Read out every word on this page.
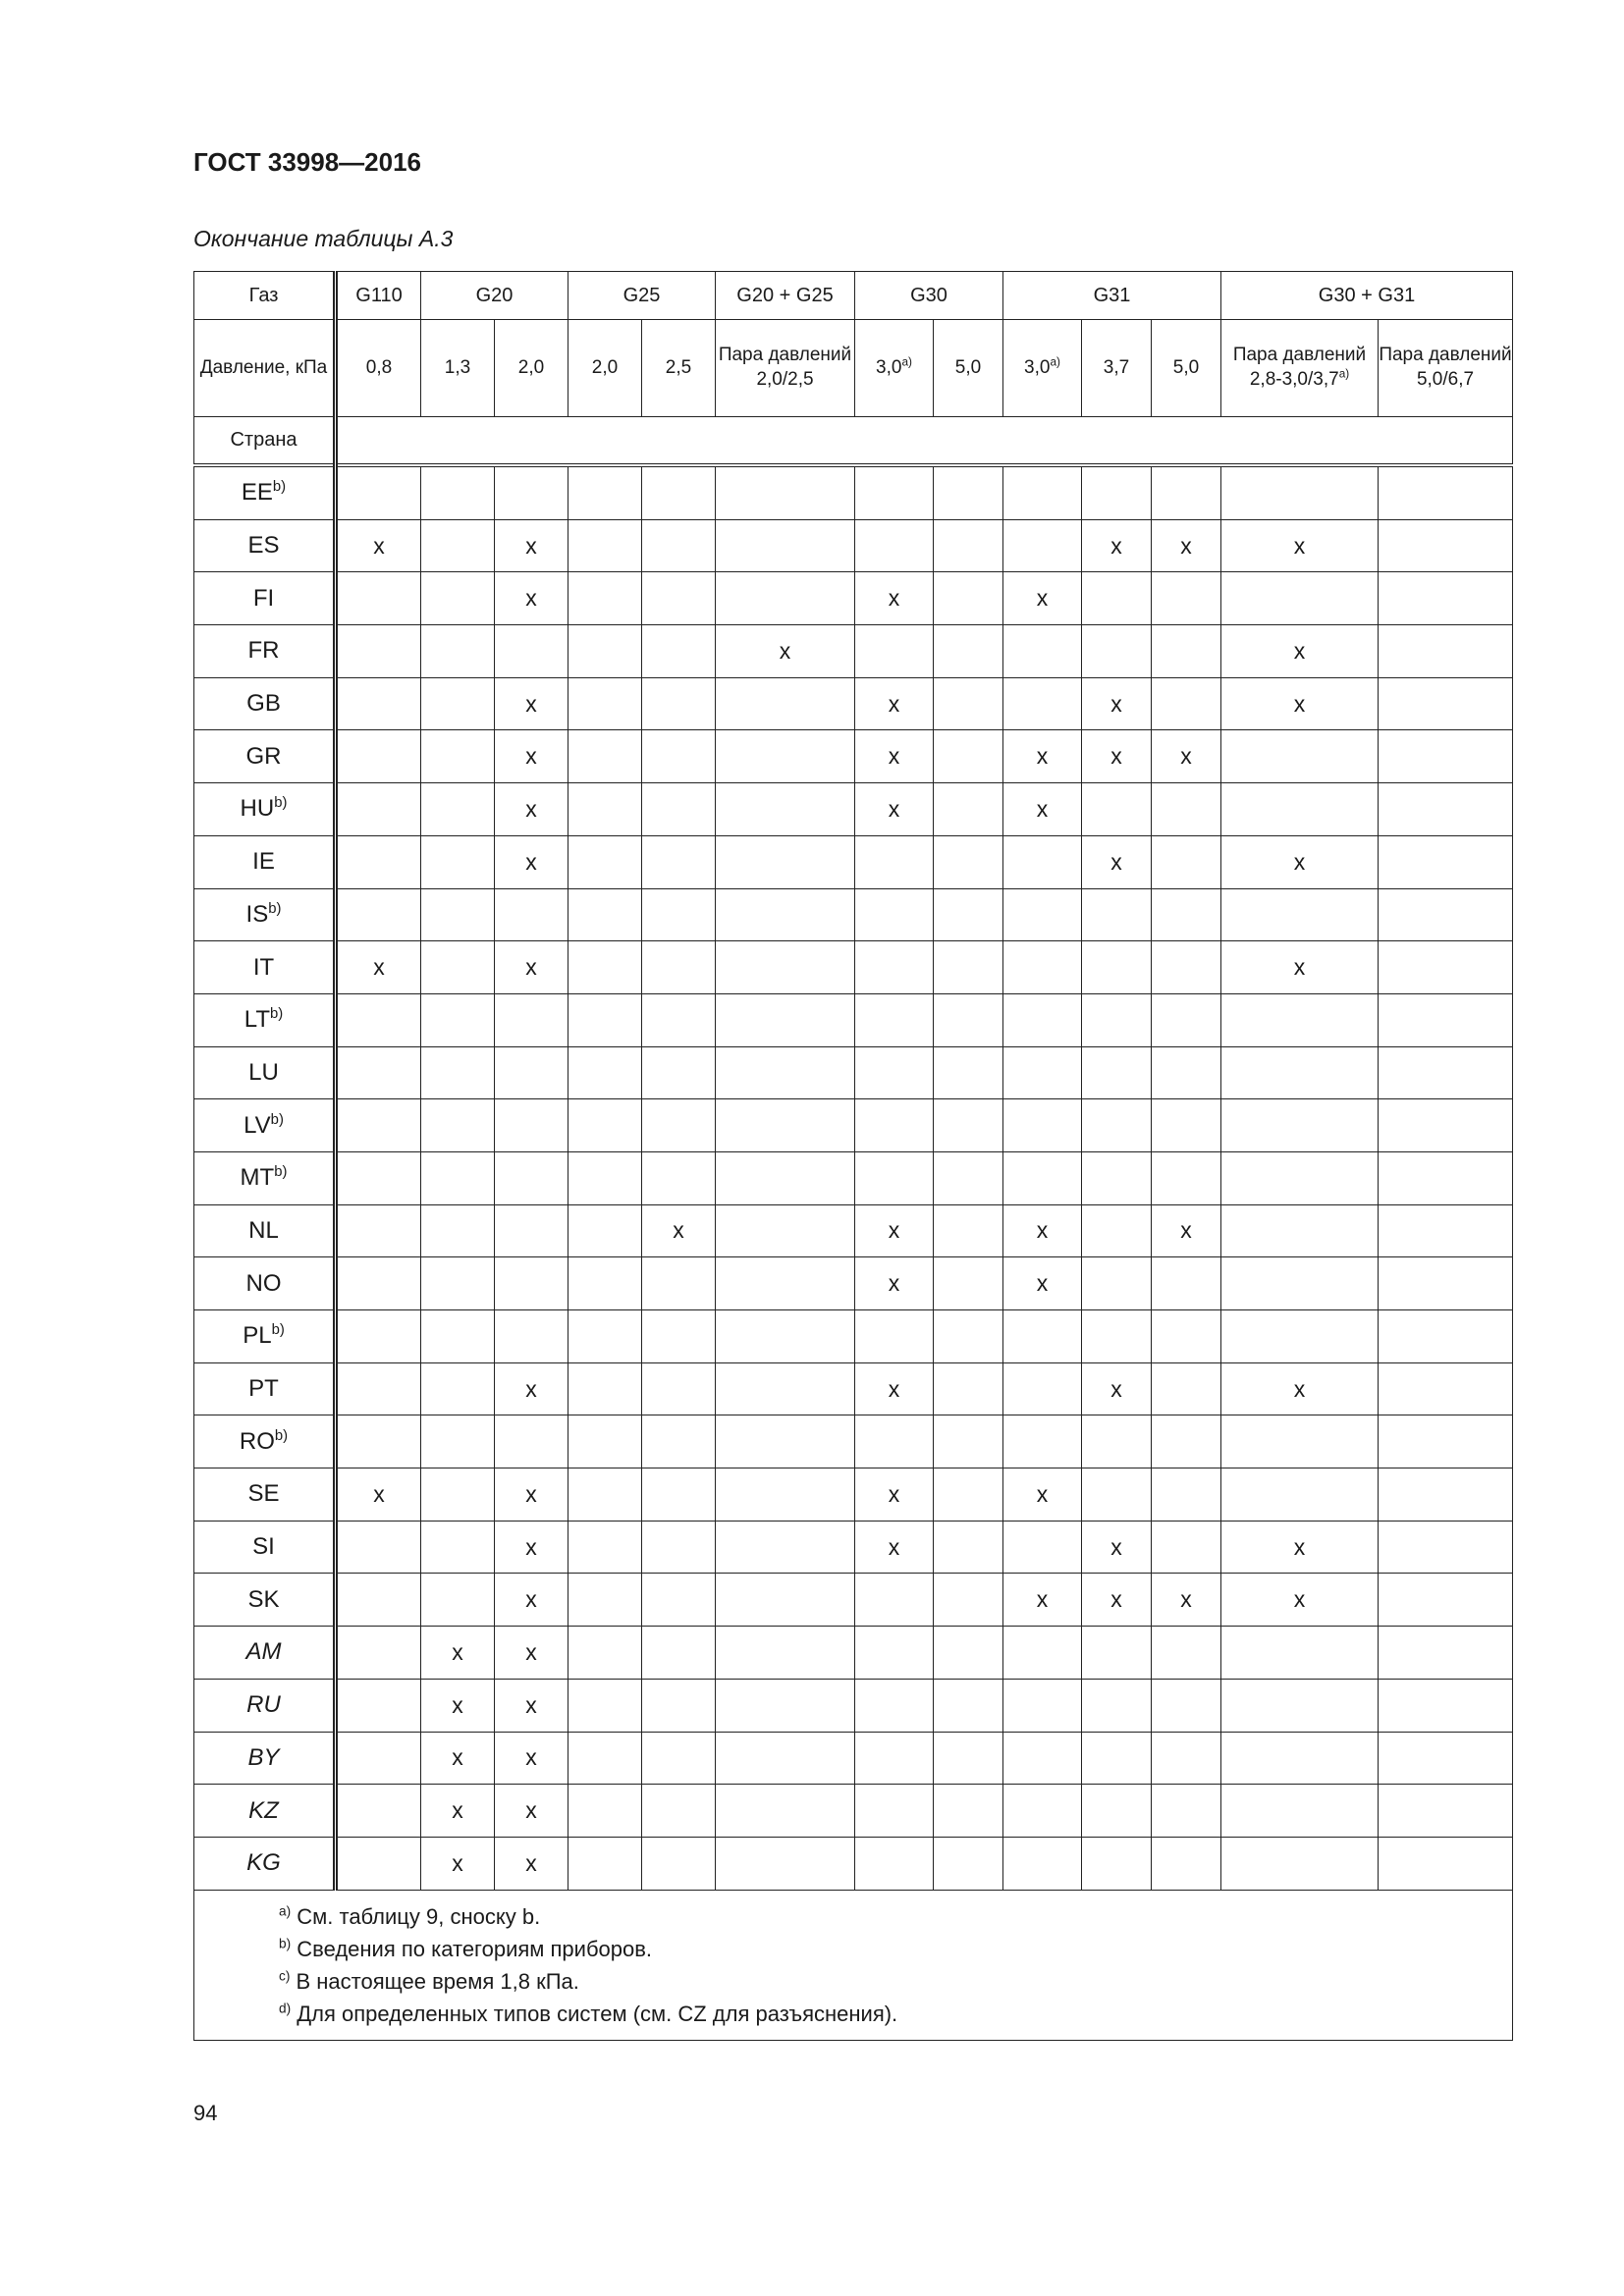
ГОСТ 33998—2016
Окончание таблицы А.3
Газ	G110	G20		G25		G20 + G25	G30		G31			G30 + G31	
Давление, кПа	0,8	1,3	2,0	2,0	2,5	Пара давлений 2,0/2,5	3,0$^{a)}$	5,0	3,0$^{a)}$	3,7	5,0	Пара давлений 2,8-3,0/3,7$^{a)}$	Пара давлений 5,0/6,7
Страна													
EE$^{b)}$													
ES	x		x							x	x	x	
FI			x				x		x				
FR						x						x	
GB			x				x			x		x	
GR			x				x		x	x	x		
HU$^{b)}$			x				x		x				
IE			x							x		x	
IS$^{b)}$													
IT	x		x									x	
LT$^{b)}$													
LU													
LV$^{b)}$													
MT$^{b)}$													
NL					x		x		x		x		
NO							x		x				
PL$^{b)}$													
PT			x				x			x		x	
RO$^{b)}$													
SE	x		x				x		x				
SI			x				x			x		x	
SK			x						x	x	x	x	
AM		x	x										
RU		x	x										
BY		x	x										
KZ		x	x										
KG		x	x										

$^{a)}$ См. таблицу 9, сноску b.
$^{b)}$ Сведения по категориям приборов.
$^{c)}$ В настоящее время 1,8 кПа.
$^{d)}$ Для определенных типов систем (см. CZ для разъяснения).													
94
